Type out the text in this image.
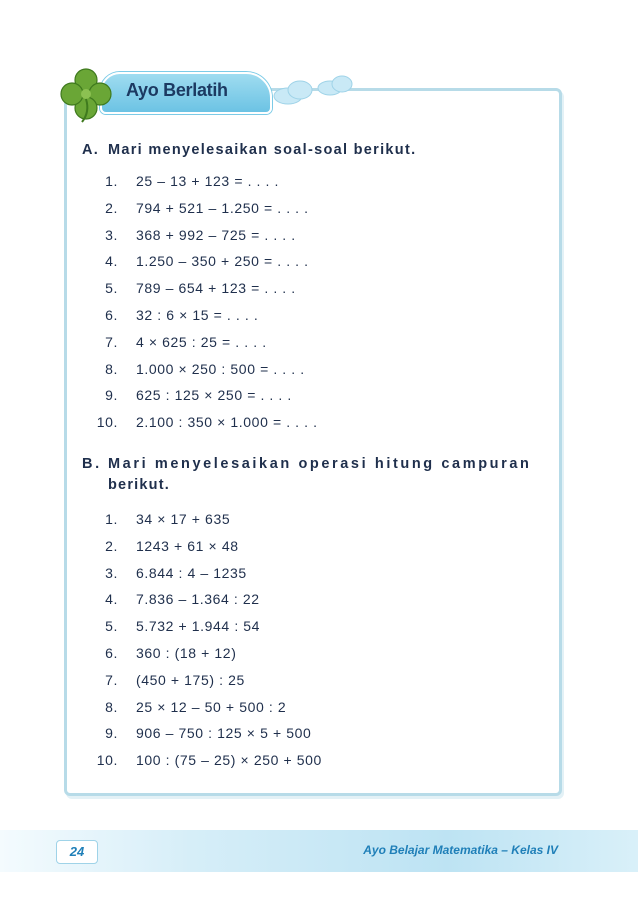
Ayo Berlatih
A. Mari menyelesaikan soal-soal berikut.
1. 25 – 13 + 123 = . . . .
2. 794 + 521 – 1.250 = . . . .
3. 368 + 992 – 725 = . . . .
4. 1.250 – 350 + 250 = . . . .
5. 789 – 654 + 123 = . . . .
6. 32 : 6 × 15 = . . . .
7. 4 × 625 : 25 = . . . .
8. 1.000 × 250 : 500 = . . . .
9. 625 : 125 × 250 = . . . .
10. 2.100 : 350 × 1.000 = . . . .
B. Mari menyelesaikan operasi hitung campuran
berikut.
1. 34 × 17 + 635
2. 1243 + 61 × 48
3. 6.844 : 4 – 1235
4. 7.836 – 1.364 : 22
5. 5.732 + 1.944 : 54
6. 360 : (18 + 12)
7. (450 + 175) : 25
8. 25 × 12 – 50 + 500 : 2
9. 906 – 750 : 125 × 5 + 500
10. 100 : (75 – 25) × 250 + 500
24	Ayo Belajar Matematika – Kelas IV
